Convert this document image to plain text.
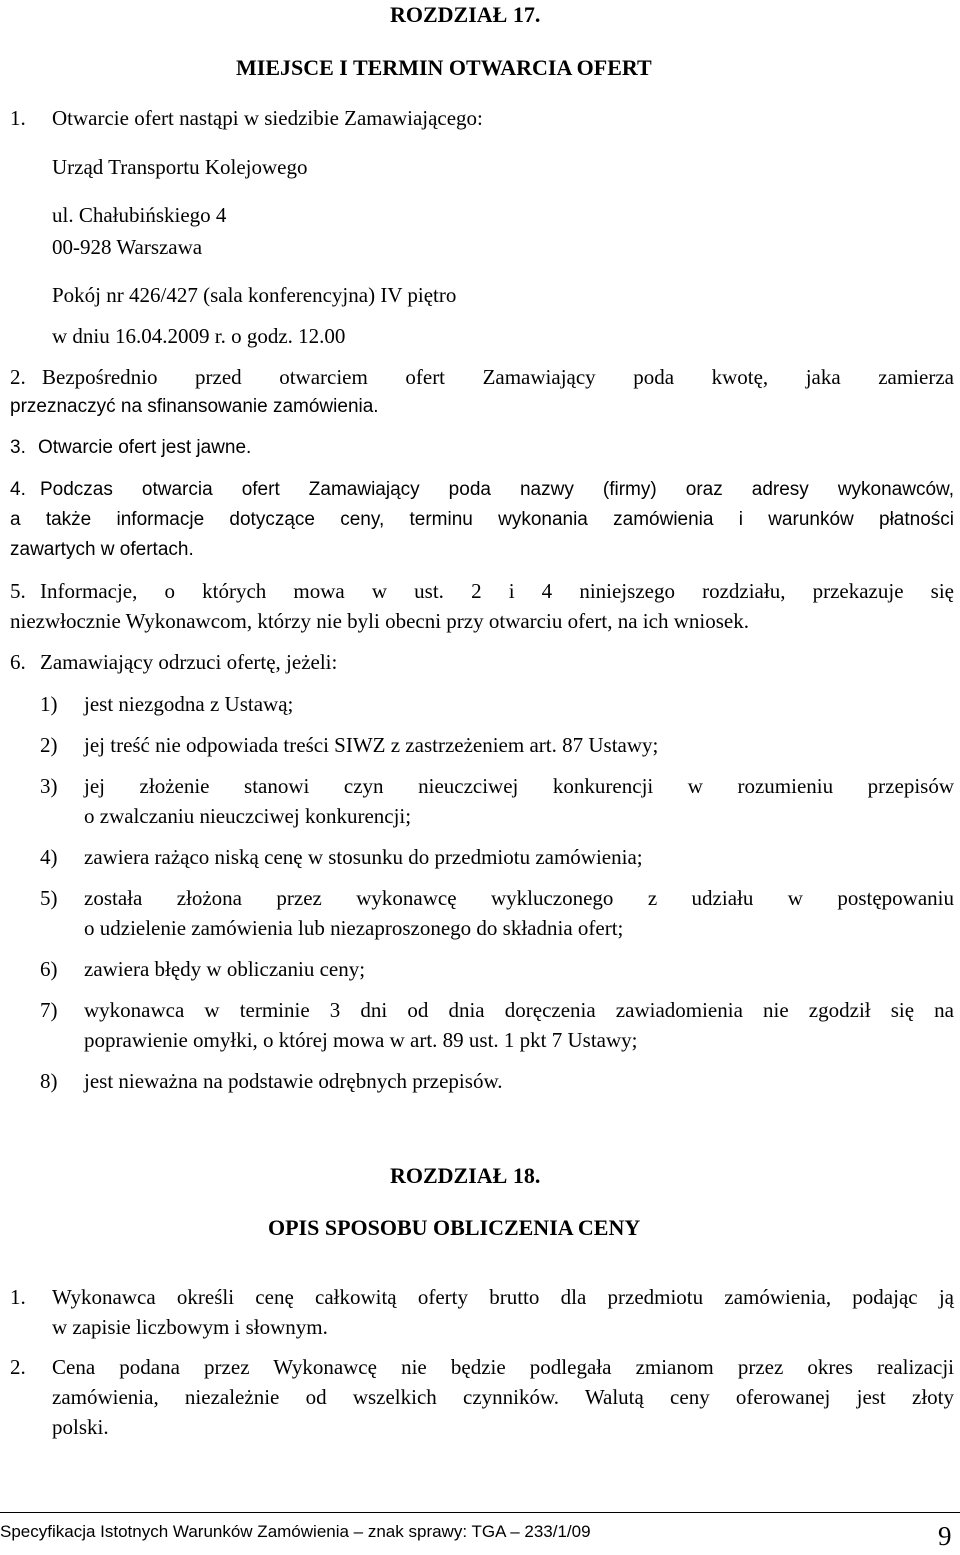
ROZDZIAŁ 17.
MIEJSCE I TERMIN OTWARCIA OFERT
1. Otwarcie ofert nastąpi w siedzibie Zamawiającego:
Urząd Transportu Kolejowego
ul. Chałubińskiego 4
00-928 Warszawa
Pokój nr 426/427 (sala konferencyjna) IV piętro
w dniu 16.04.2009 r. o godz. 12.00
2. Bezpośrednio przed otwarciem ofert Zamawiający poda kwotę, jaka zamierza
przeznaczyć na sfinansowanie zamówienia.
3. Otwarcie ofert jest jawne.
4. Podczas otwarcia ofert Zamawiający poda nazwy (firmy) oraz adresy wykonawców,
a także informacje dotyczące ceny, terminu wykonania zamówienia i warunków płatności
zawartych w ofertach.
5. Informacje, o których mowa w ust. 2 i 4 niniejszego rozdziału, przekazuje się
niezwłocznie Wykonawcom, którzy nie byli obecni przy otwarciu ofert, na ich wniosek.
6. Zamawiający odrzuci ofertę, jeżeli:
1) jest niezgodna z Ustawą;
2) jej treść nie odpowiada treści SIWZ z zastrzeżeniem art. 87 Ustawy;
3) jej złożenie stanowi czyn nieuczciwej konkurencji w rozumieniu przepisów
o zwalczaniu nieuczciwej konkurencji;
4) zawiera rażąco niską cenę w stosunku do przedmiotu zamówienia;
5) została złożona przez wykonawcę wykluczonego z udziału w postępowaniu
o udzielenie zamówienia lub niezaproszonego do składnia ofert;
6) zawiera błędy w obliczaniu ceny;
7) wykonawca w terminie 3 dni od dnia doręczenia zawiadomienia nie zgodził się na
poprawienie omyłki, o której mowa w art. 89 ust. 1 pkt 7 Ustawy;
8) jest nieważna na podstawie odrębnych przepisów.
ROZDZIAŁ 18.
OPIS SPOSOBU OBLICZENIA CENY
1. Wykonawca określi cenę całkowitą oferty brutto dla przedmiotu zamówienia, podając ją
w zapisie liczbowym i słownym.
2. Cena podana przez Wykonawcę nie będzie podlegała zmianom przez okres realizacji
zamówienia, niezależnie od wszelkich czynników. Walutą ceny oferowanej jest złoty
polski.
Specyfikacja Istotnych Warunków Zamówienia – znak sprawy: TGA – 233/1/09	9
